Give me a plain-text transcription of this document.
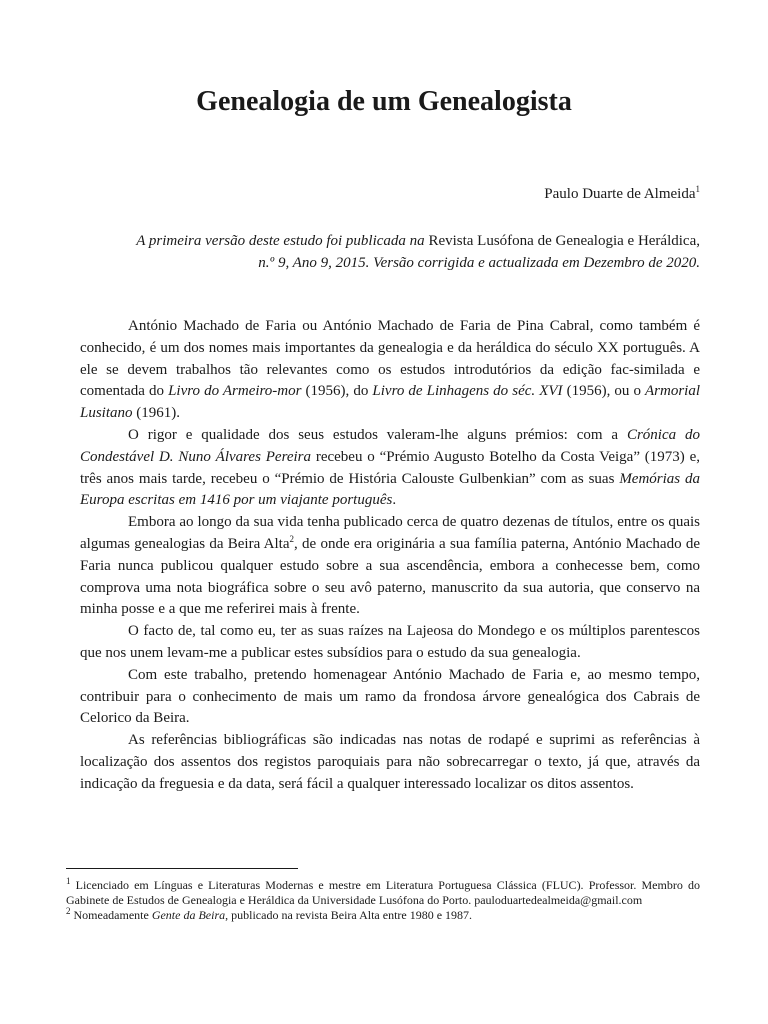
Genealogia de um Genealogista
Paulo Duarte de Almeida$^1$
A primeira versão deste estudo foi publicada na Revista Lusófona de Genealogia e Heráldica,
n.º 9, Ano 9, 2015. Versão corrigida e actualizada em Dezembro de 2020.

António Machado de Faria ou António Machado de Faria de Pina Cabral, como também é conhecido, é um dos nomes mais importantes da genealogia e da heráldica do século XX português. A ele se devem trabalhos tão relevantes como os estudos introdutórios da edição fac-similada e comentada do Livro do Armeiro-mor (1956), do Livro de Linhagens do séc. XVI (1956), ou o Armorial Lusitano (1961).

O rigor e qualidade dos seus estudos valeram-lhe alguns prémios: com a Crónica do Condestável D. Nuno Álvares Pereira recebeu o “Prémio Augusto Botelho da Costa Veiga” (1973) e, três anos mais tarde, recebeu o “Prémio de História Calouste Gulbenkian” com as suas Memórias da Europa escritas em 1416 por um viajante português.

Embora ao longo da sua vida tenha publicado cerca de quatro dezenas de títulos, entre os quais algumas genealogias da Beira Alta$^2$, de onde era originária a sua família paterna, António Machado de Faria nunca publicou qualquer estudo sobre a sua ascendência, embora a conhecesse bem, como comprova uma nota biográfica sobre o seu avô paterno, manuscrito da sua autoria, que conservo na minha posse e a que me referirei mais à frente.

O facto de, tal como eu, ter as suas raízes na Lajeosa do Mondego e os múltiplos parentescos que nos unem levam-me a publicar estes subsídios para o estudo da sua genealogia.

Com este trabalho, pretendo homenagear António Machado de Faria e, ao mesmo tempo, contribuir para o conhecimento de mais um ramo da frondosa árvore genealógica dos Cabrais de Celorico da Beira.

As referências bibliográficas são indicadas nas notas de rodapé e suprimi as referências à localização dos assentos dos registos paroquiais para não sobrecarregar o texto, já que, através da indicação da freguesia e da data, será fácil a qualquer interessado localizar os ditos assentos.

$^1$ Licenciado em Línguas e Literaturas Modernas e mestre em Literatura Portuguesa Clássica (FLUC). Professor. Membro do Gabinete de Estudos de Genealogia e Heráldica da Universidade Lusófona do Porto. pauloduartedealmeida@gmail.com

$^2$ Nomeadamente Gente da Beira, publicado na revista Beira Alta entre 1980 e 1987.
